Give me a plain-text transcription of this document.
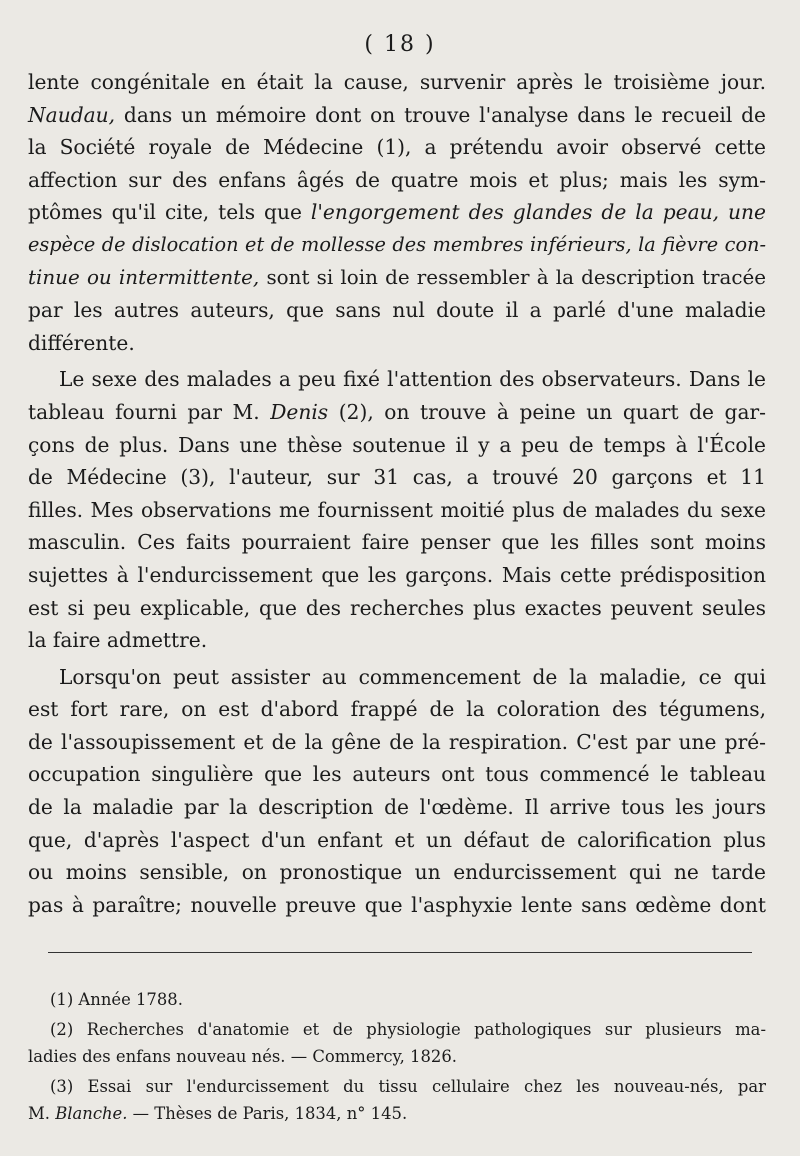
( 18 )
lente congénitale en était la cause, survenir après le troisième jour.
Naudau, dans un mémoire dont on trouve l'analyse dans le recueil de
la Société royale de Médecine (1), a prétendu avoir observé cette
affection sur des enfans âgés de quatre mois et plus; mais les sym-
ptômes qu'il cite, tels que l'engorgement des glandes de la peau, une
espèce de dislocation et de mollesse des membres inférieurs, la fièvre con-
tinue ou intermittente, sont si loin de ressembler à la description tracée
par les autres auteurs, que sans nul doute il a parlé d'une maladie
différente.
Le sexe des malades a peu fixé l'attention des observateurs. Dans le
tableau fourni par M. Denis (2), on trouve à peine un quart de gar-
çons de plus. Dans une thèse soutenue il y a peu de temps à l'École
de Médecine (3), l'auteur, sur 31 cas, a trouvé 20 garçons et 11
filles. Mes observations me fournissent moitié plus de malades du sexe
masculin. Ces faits pourraient faire penser que les filles sont moins
sujettes à l'endurcissement que les garçons. Mais cette prédisposition
est si peu explicable, que des recherches plus exactes peuvent seules
la faire admettre.
Lorsqu'on peut assister au commencement de la maladie, ce qui
est fort rare, on est d'abord frappé de la coloration des tégumens,
de l'assoupissement et de la gêne de la respiration. C'est par une pré-
occupation singulière que les auteurs ont tous commencé le tableau
de la maladie par la description de l'œdème. Il arrive tous les jours
que, d'après l'aspect d'un enfant et un défaut de calorification plus
ou moins sensible, on pronostique un endurcissement qui ne tarde
pas à paraître; nouvelle preuve que l'asphyxie lente sans œdème dont
(1) Année 1788.
(2) Recherches d'anatomie et de physiologie pathologiques sur plusieurs ma-
ladies des enfans nouveau nés. — Commercy, 1826.
(3) Essai sur l'endurcissement du tissu cellulaire chez les nouveau-nés, par
M. Blanche. — Thèses de Paris, 1834, n° 145.
